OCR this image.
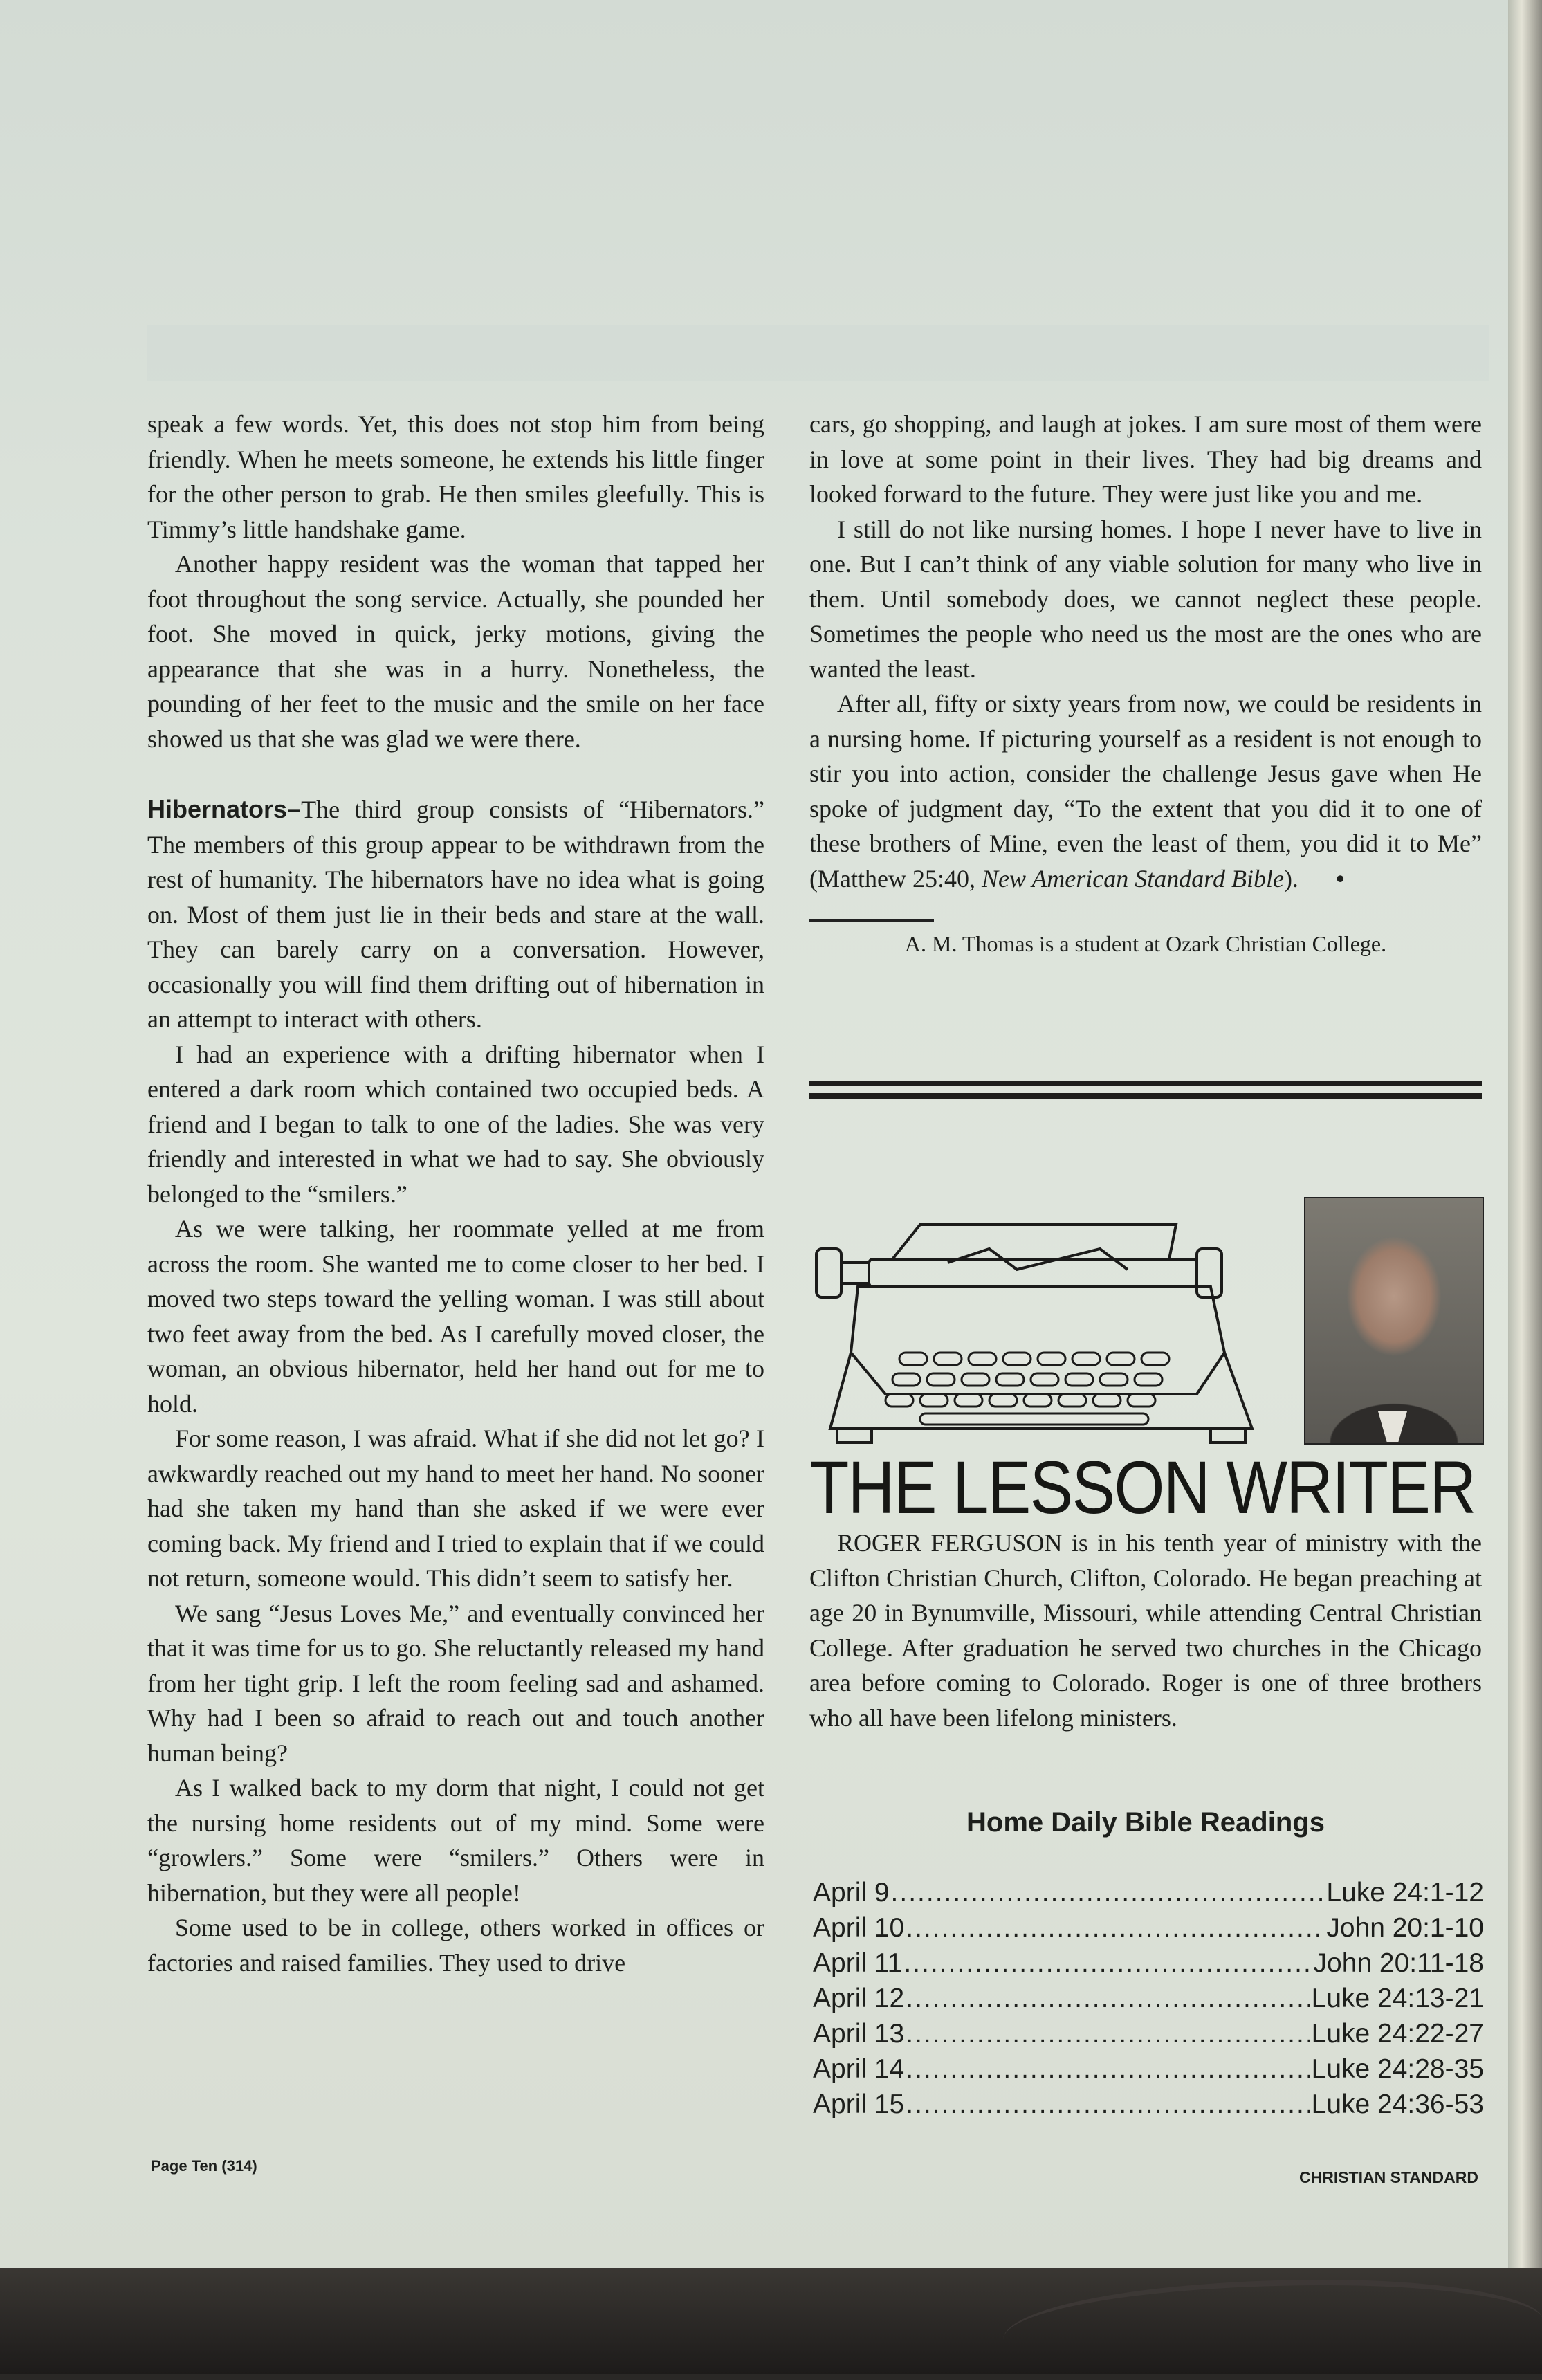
speak a few words. Yet, this does not stop him from being friendly. When he meets someone, he extends his little finger for the other person to grab. He then smiles gleefully. This is Timmy’s little handshake game.

Another happy resident was the woman that tapped her foot throughout the song service. Actually, she pounded her foot. She moved in quick, jerky motions, giving the appearance that she was in a hurry. Nonetheless, the pounding of her feet to the music and the smile on her face showed us that she was glad we were there.

Hibernators–The third group consists of “Hibernators.” The members of this group appear to be withdrawn from the rest of humanity. The hibernators have no idea what is going on. Most of them just lie in their beds and stare at the wall. They can barely carry on a conversation. However, occasionally you will find them drifting out of hibernation in an attempt to interact with others.

I had an experience with a drifting hibernator when I entered a dark room which contained two occupied beds. A friend and I began to talk to one of the ladies. She was very friendly and interested in what we had to say. She obviously belonged to the “smilers.”

As we were talking, her roommate yelled at me from across the room. She wanted me to come closer to her bed. I moved two steps toward the yelling woman. I was still about two feet away from the bed. As I carefully moved closer, the woman, an obvious hibernator, held her hand out for me to hold.

For some reason, I was afraid. What if she did not let go? I awkwardly reached out my hand to meet her hand. No sooner had she taken my hand than she asked if we were ever coming back. My friend and I tried to explain that if we could not return, someone would. This didn’t seem to satisfy her.

We sang “Jesus Loves Me,” and eventually convinced her that it was time for us to go. She reluctantly released my hand from her tight grip. I left the room feeling sad and ashamed. Why had I been so afraid to reach out and touch another human being?

As I walked back to my dorm that night, I could not get the nursing home residents out of my mind. Some were “growlers.” Some were “smilers.” Others were in hibernation, but they were all people!

Some used to be in college, others worked in offices or factories and raised families. They used to drive

cars, go shopping, and laugh at jokes. I am sure most of them were in love at some point in their lives. They had big dreams and looked forward to the future. They were just like you and me.

I still do not like nursing homes. I hope I never have to live in one. But I can’t think of any viable solution for many who live in them. Until somebody does, we cannot neglect these people. Sometimes the people who need us the most are the ones who are wanted the least.

After all, fifty or sixty years from now, we could be residents in a nursing home. If picturing yourself as a resident is not enough to stir you into action, consider the challenge Jesus gave when He spoke of judgment day, “To the extent that you did it to one of these brothers of Mine, even the least of them, you did it to Me” (Matthew 25:40, New American Standard Bible). •

A. M. Thomas is a student at Ozark Christian College.
THE LESSON WRITER

ROGER FERGUSON is in his tenth year of ministry with the Clifton Christian Church, Clifton, Colorado. He began preaching at age 20 in Bynumville, Missouri, while attending Central Christian College. After graduation he served two churches in the Chicago area before coming to Colorado. Roger is one of three brothers who all have been lifelong ministers.

Home Daily Bible Readings
April 9 .....	Luke 24:1-12
April 10 .....	John 20:1-10
April 11 .....	John 20:11-18
April 12 .....	Luke 24:13-21
April 13 .....	Luke 24:22-27
April 14 .....	Luke 24:28-35
April 15 .....	Luke 24:36-53
Page Ten (314)
CHRISTIAN STANDARD
